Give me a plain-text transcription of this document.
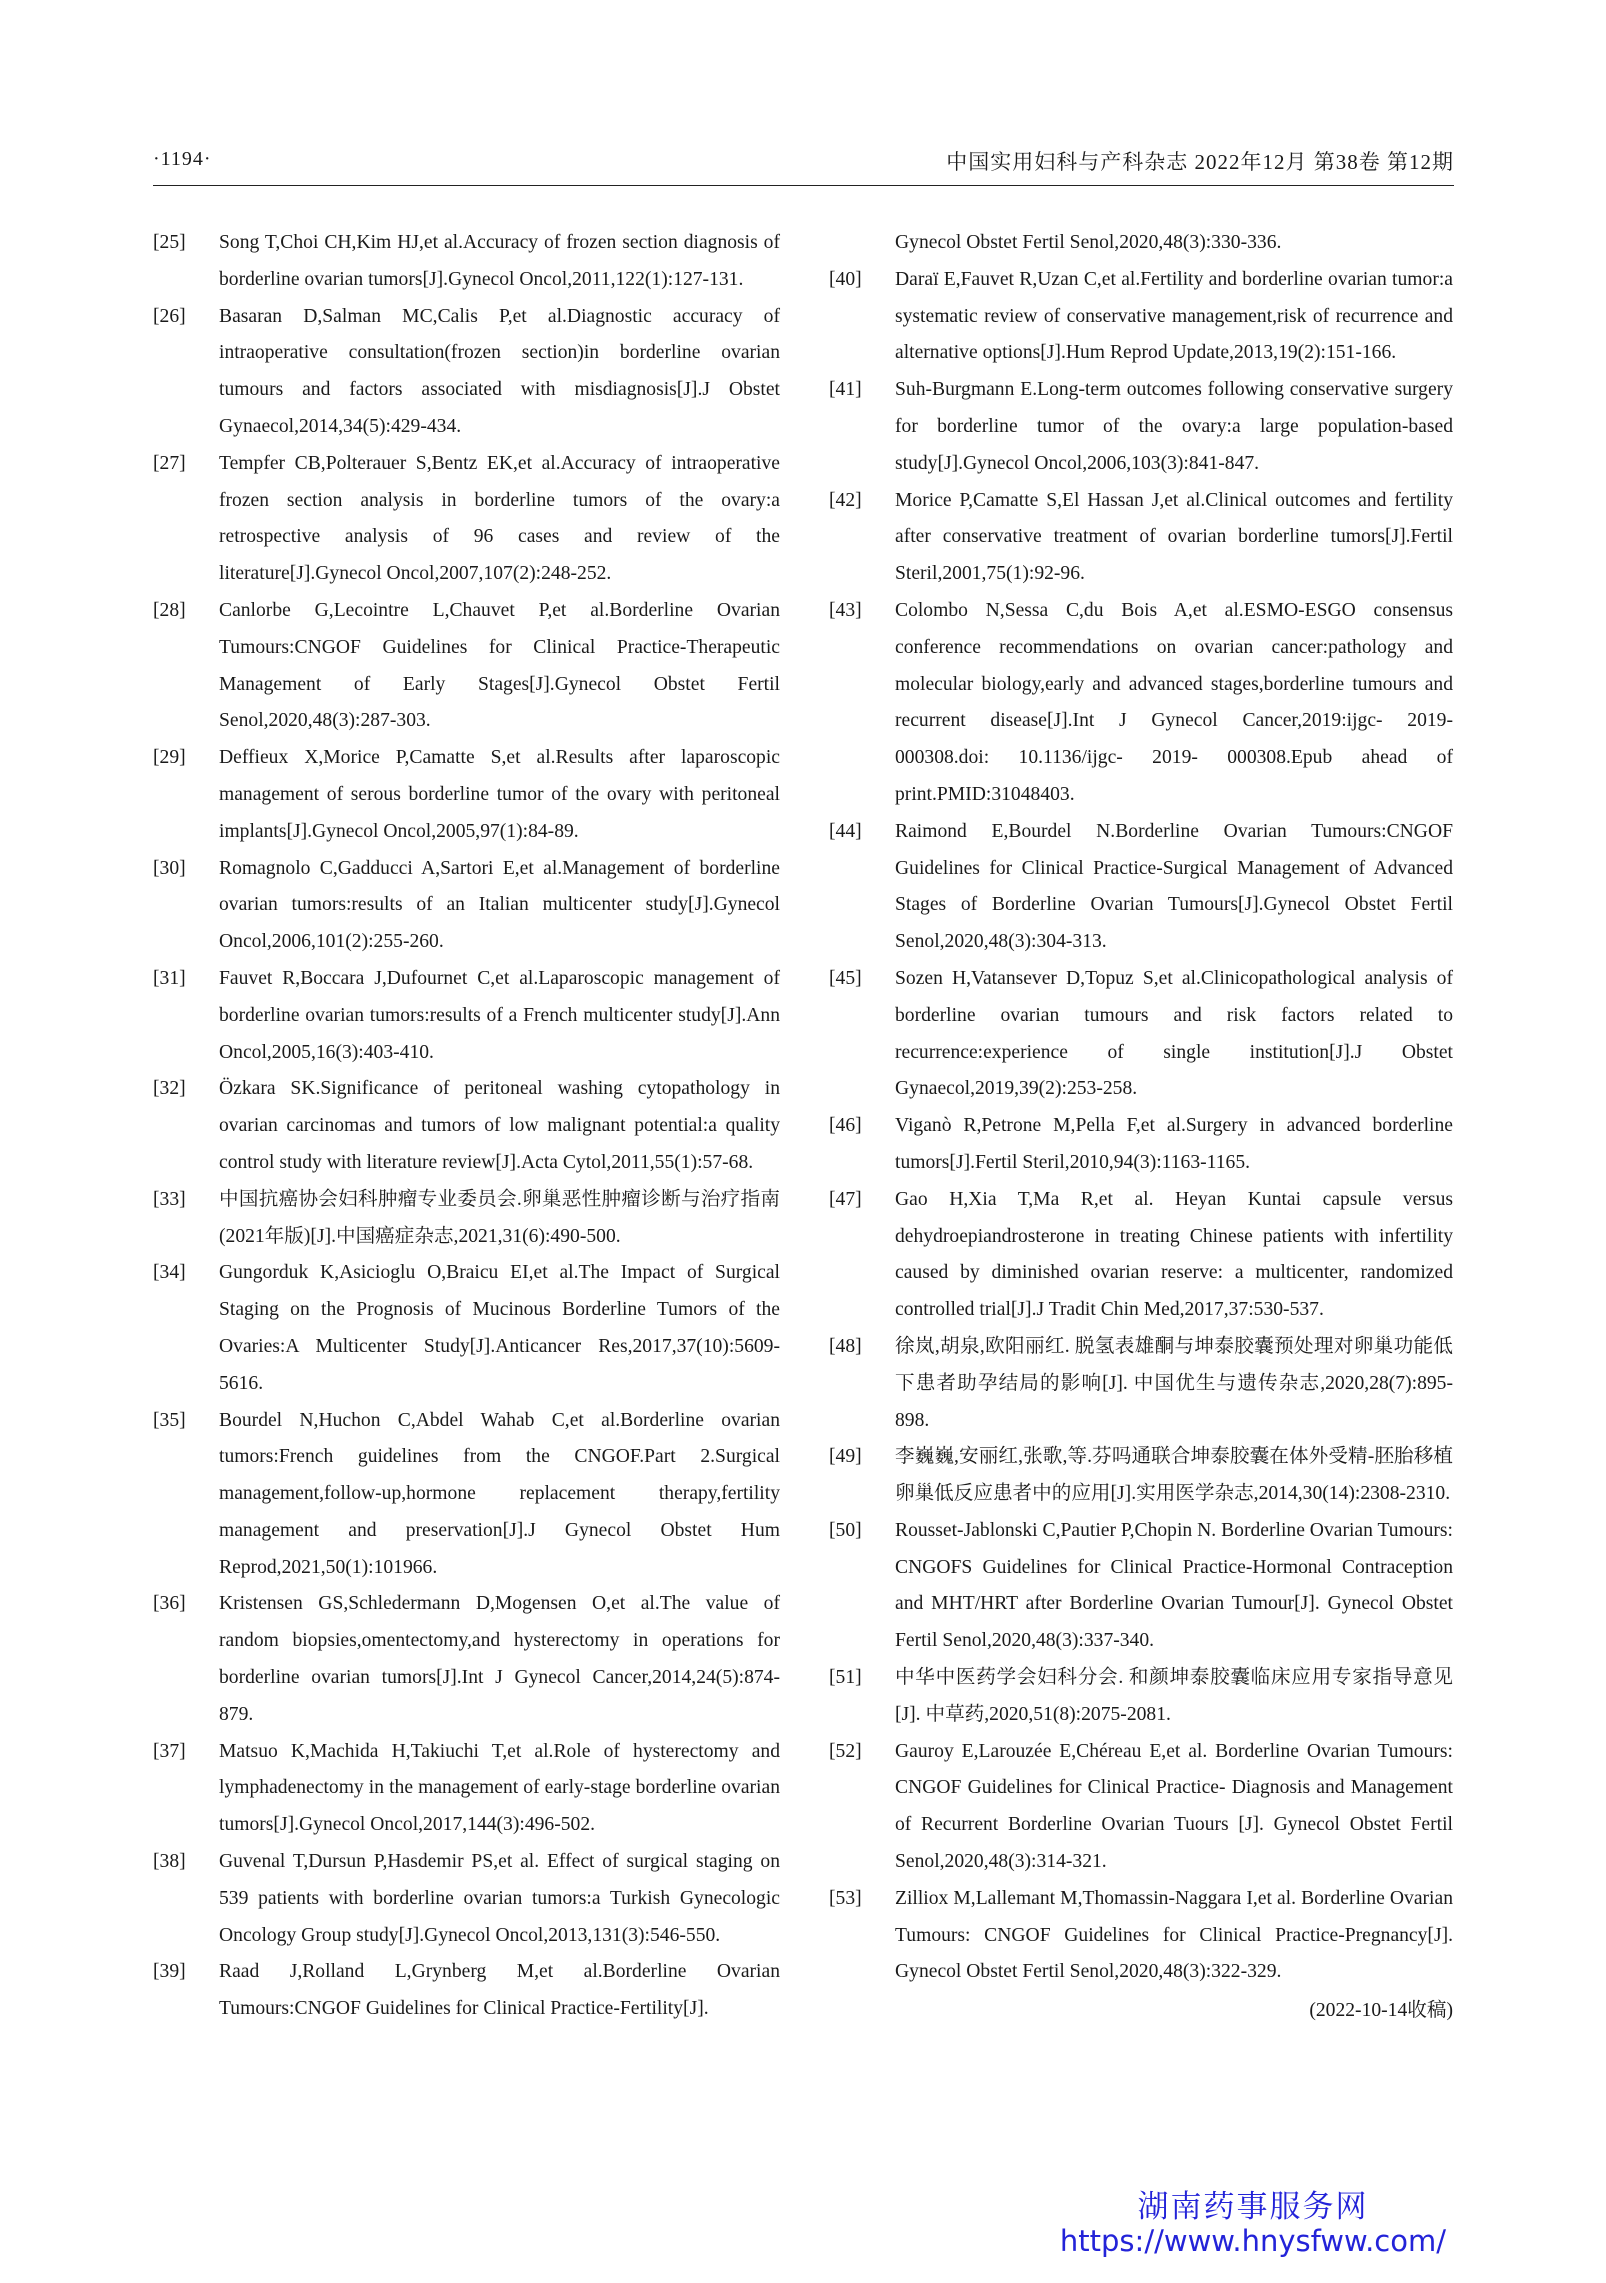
·1194·	中国实用妇科与产科杂志 2022年12月 第38卷 第12期
[25]	Song T,Choi CH,Kim HJ,et al.Accuracy of frozen section diagnosis of borderline ovarian tumors[J].Gynecol Oncol,2011,122(1):127-131.
[26]	Basaran D,Salman MC,Calis P,et al.Diagnostic accuracy of intraoperative consultation(frozen section)in borderline ovarian tumours and factors associated with misdiagnosis[J].J Obstet Gynaecol,2014,34(5):429-434.
[27]	Tempfer CB,Polterauer S,Bentz EK,et al.Accuracy of intraoperative frozen section analysis in borderline tumors of the ovary:a retrospective analysis of 96 cases and review of the literature[J].Gynecol Oncol,2007,107(2):248-252.
[28]	Canlorbe G,Lecointre L,Chauvet P,et al.Borderline Ovarian Tumours:CNGOF Guidelines for Clinical Practice-Therapeutic Management of Early Stages[J].Gynecol Obstet Fertil Senol,2020,48(3):287-303.
[29]	Deffieux X,Morice P,Camatte S,et al.Results after laparoscopic management of serous borderline tumor of the ovary with peritoneal implants[J].Gynecol Oncol,2005,97(1):84-89.
[30]	Romagnolo C,Gadducci A,Sartori E,et al.Management of borderline ovarian tumors:results of an Italian multicenter study[J].Gynecol Oncol,2006,101(2):255-260.
[31]	Fauvet R,Boccara J,Dufournet C,et al.Laparoscopic management of borderline ovarian tumors:results of a French multicenter study[J].Ann Oncol,2005,16(3):403-410.
[32]	Özkara SK.Significance of peritoneal washing cytopathology in ovarian carcinomas and tumors of low malignant potential:a quality control study with literature review[J].Acta Cytol,2011,55(1):57-68.
[33]	中国抗癌协会妇科肿瘤专业委员会.卵巢恶性肿瘤诊断与治疗指南(2021年版)[J].中国癌症杂志,2021,31(6):490-500.
[34]	Gungorduk K,Asicioglu O,Braicu EI,et al.The Impact of Surgical Staging on the Prognosis of Mucinous Borderline Tumors of the Ovaries:A Multicenter Study[J].Anticancer Res,2017,37(10):5609-5616.
[35]	Bourdel N,Huchon C,Abdel Wahab C,et al.Borderline ovarian tumors:French guidelines from the CNGOF.Part 2.Surgical management,follow-up,hormone replacement therapy,fertility management and preservation[J].J Gynecol Obstet Hum Reprod,2021,50(1):101966.
[36]	Kristensen GS,Schledermann D,Mogensen O,et al.The value of random biopsies,omentectomy,and hysterectomy in operations for borderline ovarian tumors[J].Int J Gynecol Cancer,2014,24(5):874-879.
[37]	Matsuo K,Machida H,Takiuchi T,et al.Role of hysterectomy and lymphadenectomy in the management of early-stage borderline ovarian tumors[J].Gynecol Oncol,2017,144(3):496-502.
[38]	Guvenal T,Dursun P,Hasdemir PS,et al. Effect of surgical staging on 539 patients with borderline ovarian tumors:a Turkish Gynecologic Oncology Group study[J].Gynecol Oncol,2013,131(3):546-550.
[39]	Raad J,Rolland L,Grynberg M,et al.Borderline Ovarian Tumours:CNGOF Guidelines for Clinical Practice-Fertility[J].
Gynecol Obstet Fertil Senol,2020,48(3):330-336.
[40]	Daraï E,Fauvet R,Uzan C,et al.Fertility and borderline ovarian tumor:a systematic review of conservative management,risk of recurrence and alternative options[J].Hum Reprod Update,2013,19(2):151-166.
[41]	Suh-Burgmann E.Long-term outcomes following conservative surgery for borderline tumor of the ovary:a large population-based study[J].Gynecol Oncol,2006,103(3):841-847.
[42]	Morice P,Camatte S,El Hassan J,et al.Clinical outcomes and fertility after conservative treatment of ovarian borderline tumors[J].Fertil Steril,2001,75(1):92-96.
[43]	Colombo N,Sessa C,du Bois A,et al.ESMO-ESGO consensus conference recommendations on ovarian cancer:pathology and molecular biology,early and advanced stages,borderline tumours and recurrent disease[J].Int J Gynecol Cancer,2019:ijgc- 2019- 000308.doi: 10.1136/ijgc- 2019- 000308.Epub ahead of print.PMID:31048403.
[44]	Raimond E,Bourdel N.Borderline Ovarian Tumours:CNGOF Guidelines for Clinical Practice-Surgical Management of Advanced Stages of Borderline Ovarian Tumours[J].Gynecol Obstet Fertil Senol,2020,48(3):304-313.
[45]	Sozen H,Vatansever D,Topuz S,et al.Clinicopathological analysis of borderline ovarian tumours and risk factors related to recurrence:experience of single institution[J].J Obstet Gynaecol,2019,39(2):253-258.
[46]	Viganò R,Petrone M,Pella F,et al.Surgery in advanced borderline tumors[J].Fertil Steril,2010,94(3):1163-1165.
[47]	Gao H,Xia T,Ma R,et al. Heyan Kuntai capsule versus dehydroepiandrosterone in treating Chinese patients with infertility caused by diminished ovarian reserve: a multicenter, randomized controlled trial[J].J Tradit Chin Med,2017,37:530-537.
[48]	徐岚,胡泉,欧阳丽红. 脱氢表雄酮与坤泰胶囊预处理对卵巢功能低下患者助孕结局的影响[J]. 中国优生与遗传杂志,2020,28(7):895-898.
[49]	李巍巍,安丽红,张歌,等.芬吗通联合坤泰胶囊在体外受精-胚胎移植卵巢低反应患者中的应用[J].实用医学杂志,2014,30(14):2308-2310.
[50]	Rousset-Jablonski C,Pautier P,Chopin N. Borderline Ovarian Tumours: CNGOFS Guidelines for Clinical Practice-Hormonal Contraception and MHT/HRT after Borderline Ovarian Tumour[J]. Gynecol Obstet Fertil Senol,2020,48(3):337-340.
[51]	中华中医药学会妇科分会. 和颜坤泰胶囊临床应用专家指导意见[J]. 中草药,2020,51(8):2075-2081.
[52]	Gauroy E,Larouzée E,Chéreau E,et al. Borderline Ovarian Tumours: CNGOF Guidelines for Clinical Practice- Diagnosis and Management of Recurrent Borderline Ovarian Tuours [J]. Gynecol Obstet Fertil Senol,2020,48(3):314-321.
[53]	Zilliox M,Lallemant M,Thomassin-Naggara I,et al. Borderline Ovarian Tumours: CNGOF Guidelines for Clinical Practice-Pregnancy[J]. Gynecol Obstet Fertil Senol,2020,48(3):322-329.
(2022-10-14收稿)
湖南药事服务网
https://www.hnysfww.com/
